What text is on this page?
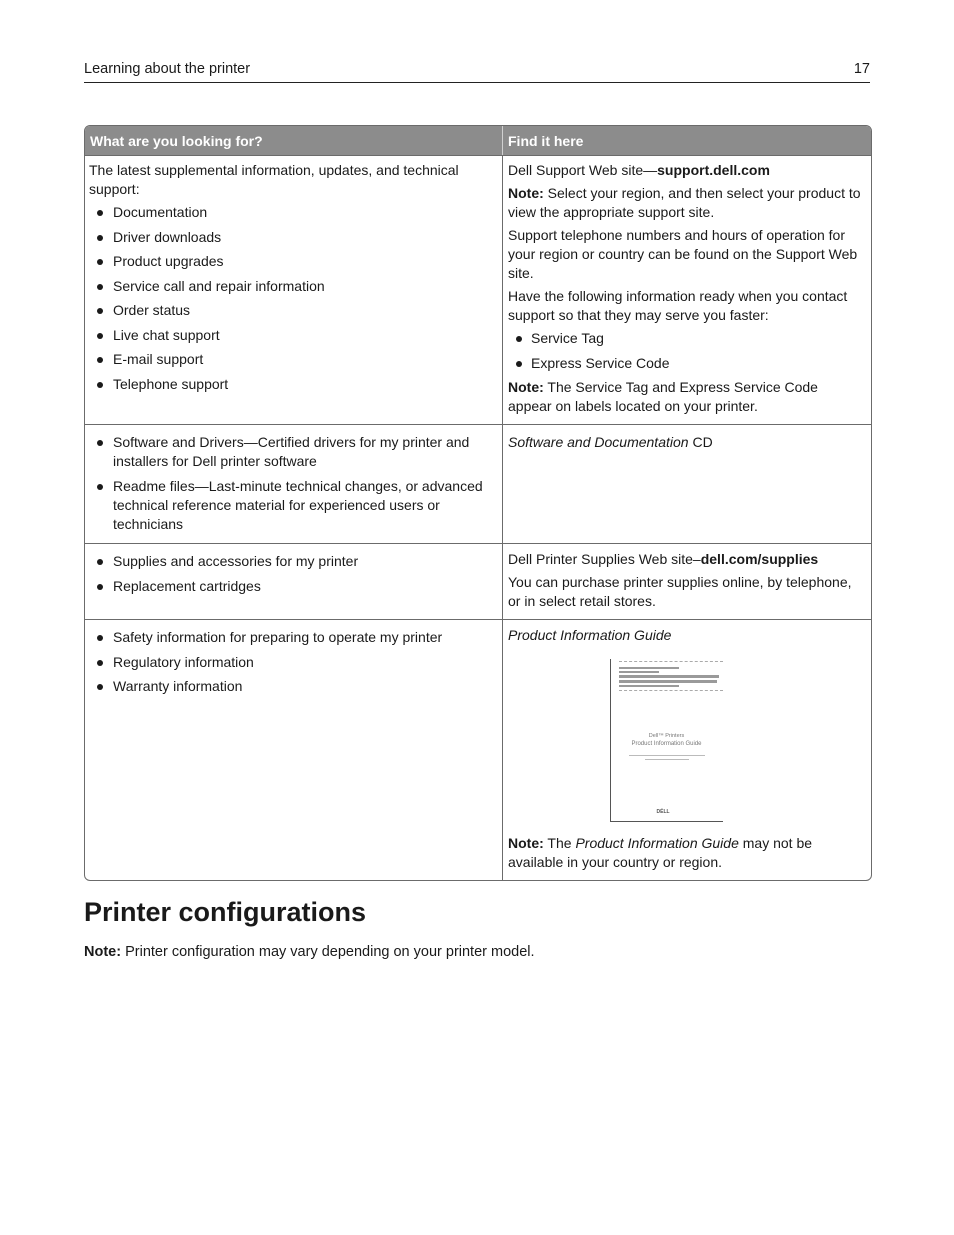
Learning about the printer	17
What are you looking for?	Find it here

The latest supplemental information, updates, and technical support:

Documentation
Driver downloads
Product upgrades
Service call and repair information
Order status
Live chat support
E-mail support
Telephone support

Dell Support Web site—support.dell.com

Note: Select your region, and then select your product to view the appropriate support site.

Support telephone numbers and hours of operation for your region or country can be found on the Support Web site.

Have the following information ready when you contact support so that they may serve you faster:

Service Tag
Express Service Code

Note: The Service Tag and Express Service Code appear on labels located on your printer.

Software and Drivers—Certified drivers for my printer and installers for Dell printer software
Readme files—Last-minute technical changes, or advanced technical reference material for experienced users or technicians

Software and Documentation CD

Supplies and accessories for my printer
Replacement cartridges

Dell Printer Supplies Web site–dell.com/supplies

You can purchase printer supplies online, by telephone, or in select retail stores.

Safety information for preparing to operate my printer
Regulatory information
Warranty information

Product Information Guide

Dell™ Printers
Product Information Guide
DÉLL

Note: The Product Information Guide may not be available in your country or region.

Printer configurations
Note: Printer configuration may vary depending on your printer model.
